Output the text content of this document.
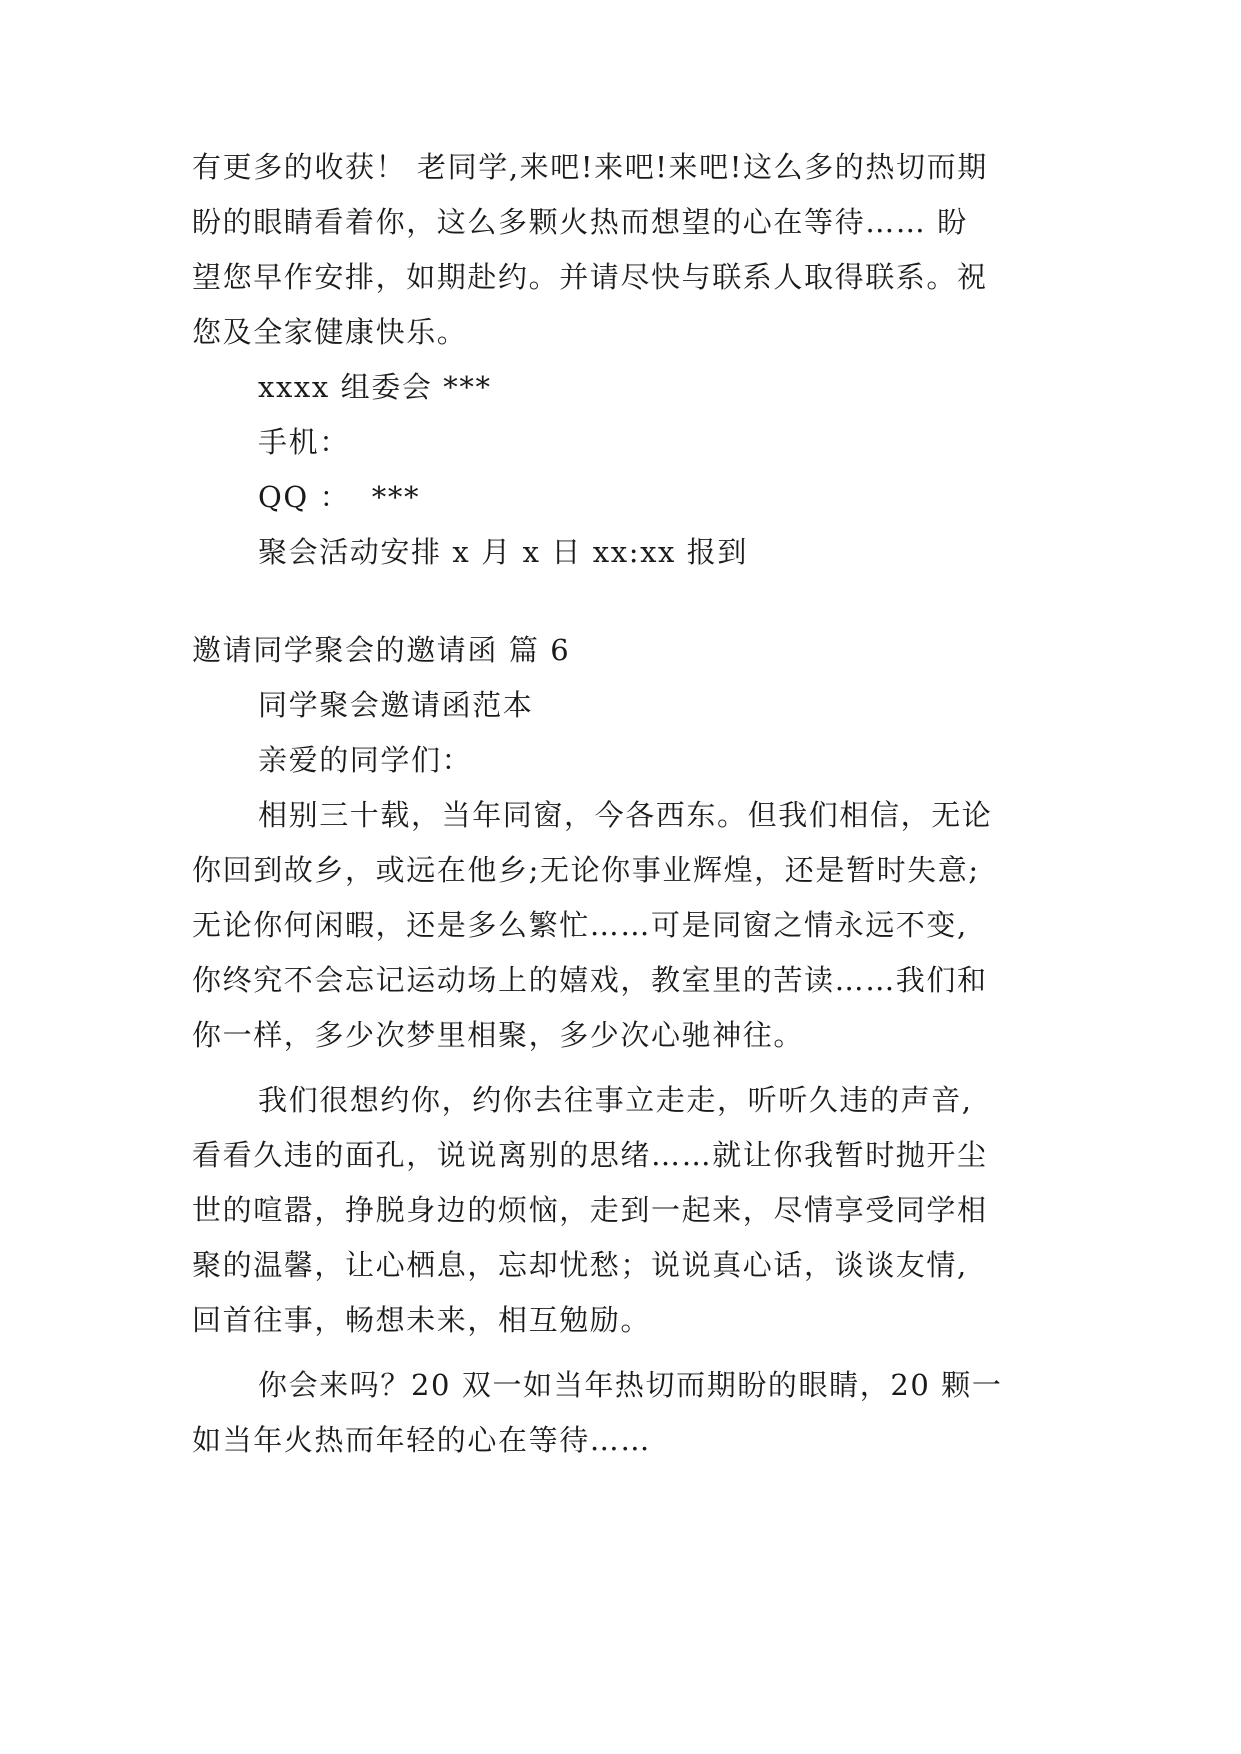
有更多的收获！ 老同学,来吧!来吧!来吧!这么多的热切而期
盼的眼睛看着你，这么多颗火热而想望的心在等待…… 盼
望您早作安排，如期赴约。并请尽快与联系人取得联系。祝
您及全家健康快乐。
xxxx 组委会 ***
手机：
QQ ：  ***
聚会活动安排 x 月 x 日 xx:xx 报到
邀请同学聚会的邀请函 篇 6
同学聚会邀请函范本
亲爱的同学们：
相别三十载，当年同窗，今各西东。但我们相信，无论
你回到故乡，或远在他乡;无论你事业辉煌，还是暂时失意;
无论你何闲暇，还是多么繁忙……可是同窗之情永远不变,
你终究不会忘记运动场上的嬉戏，教室里的苦读……我们和
你一样，多少次梦里相聚，多少次心驰神往。
我们很想约你，约你去往事立走走，听听久违的声音,
看看久违的面孔，说说离别的思绪……就让你我暂时抛开尘
世的喧嚣，挣脱身边的烦恼，走到一起来，尽情享受同学相
聚的温馨，让心栖息，忘却忧愁；说说真心话，谈谈友情,
回首往事，畅想未来，相互勉励。
你会来吗？20 双一如当年热切而期盼的眼睛，20 颗一
如当年火热而年轻的心在等待……
